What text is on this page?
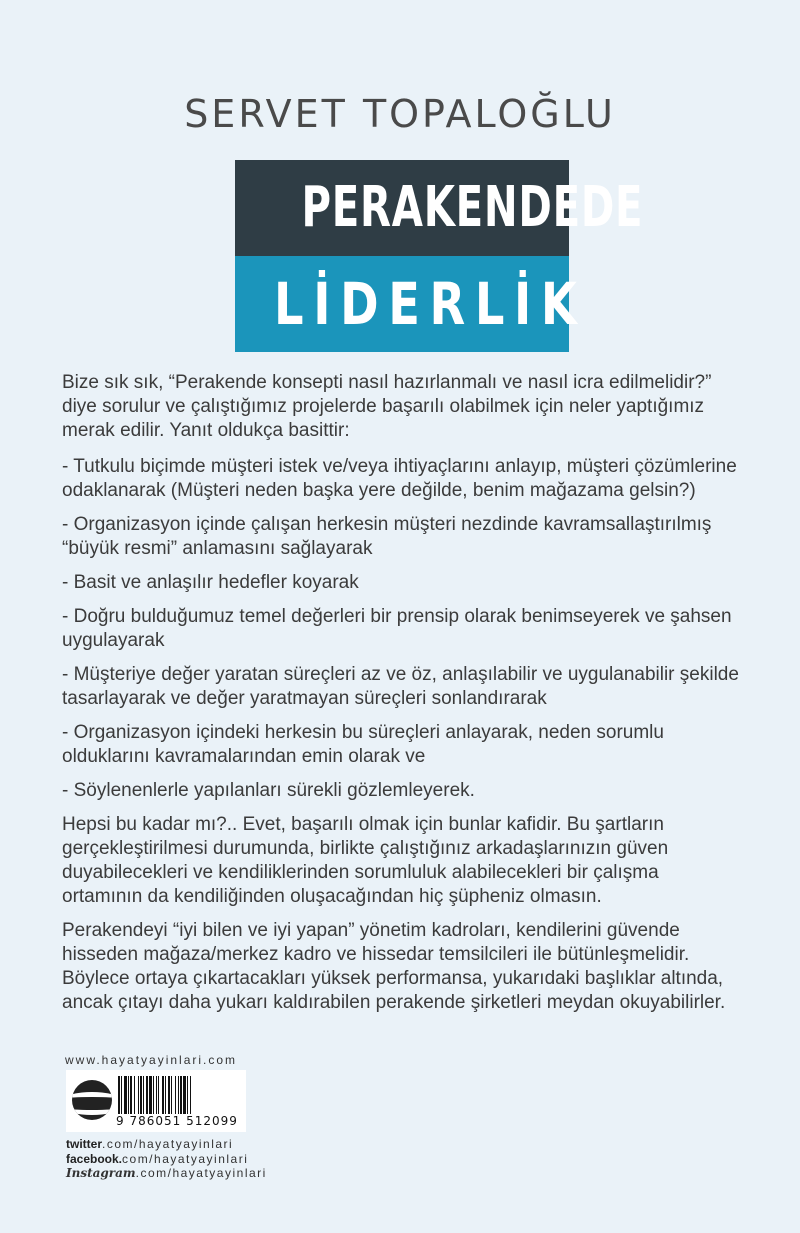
SERVET TOPALOĞLU
PERAKENDEDE
LİDERLİK

Bize sık sık, “Perakende konsepti nasıl hazırlanmalı ve nasıl icra edilmelidir?” diye sorulur ve çalıştığımız projelerde başarılı olabilmek için neler yaptığımız merak edilir. Yanıt oldukça basittir:

- Tutkulu biçimde müşteri istek ve/veya ihtiyaçlarını anlayıp, müşteri çözümlerine odaklanarak (Müşteri neden başka yere değilde, benim mağazama gelsin?)

- Organizasyon içinde çalışan herkesin müşteri nezdinde kavramsallaştırılmış “büyük resmi” anlamasını sağlayarak

- Basit ve anlaşılır hedefler koyarak

- Doğru bulduğumuz temel değerleri bir prensip olarak benimseyerek ve şahsen uygulayarak

- Müşteriye değer yaratan süreçleri az ve öz, anlaşılabilir ve uygulanabilir şekilde tasarlayarak ve değer yaratmayan süreçleri sonlandırarak

- Organizasyon içindeki herkesin bu süreçleri anlayarak, neden sorumlu olduklarını kavramalarından emin olarak ve

- Söylenenlerle yapılanları sürekli gözlemleyerek.

Hepsi bu kadar mı?.. Evet, başarılı olmak için bunlar kafidir. Bu şartların gerçekleştirilmesi durumunda, birlikte çalıştığınız arkadaşlarınızın güven duyabilecekleri ve kendiliklerinden sorumluluk alabilecekleri bir çalışma ortamının da kendiliğinden oluşacağından hiç şüpheniz olmasın.

Perakendeyi “iyi bilen ve iyi yapan” yönetim kadroları, kendilerini güvende hisseden mağaza/merkez kadro ve hissedar temsilcileri ile bütünleşmelidir. Böylece ortaya çıkartacakları yüksek performansa, yukarıdaki başlıklar altında, ancak çıtayı daha yukarı kaldırabilen perakende şirketleri meydan okuyabilirler.

www.hayatyayinlari.com
9 786051 512099
twitter.com/hayatyayinlari
facebook.com/hayatyayinlari
Instagram.com/hayatyayinlari
